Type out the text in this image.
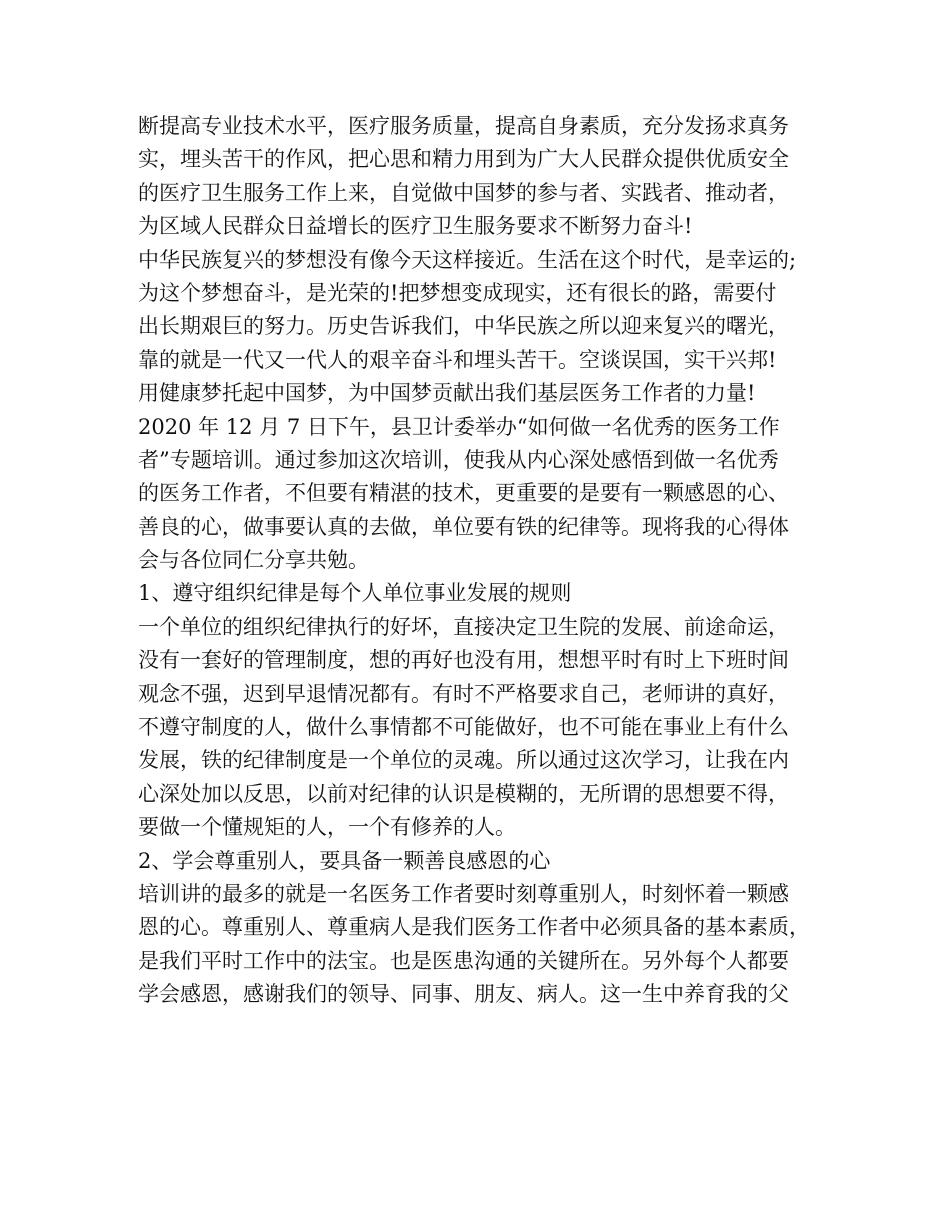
断提高专业技术水平，医疗服务质量，提高自身素质，充分发扬求真务
实，埋头苦干的作风，把心思和精力用到为广大人民群众提供优质安全
的医疗卫生服务工作上来，自觉做中国梦的参与者、实践者、推动者，
为区域人民群众日益增长的医疗卫生服务要求不断努力奋斗!
中华民族复兴的梦想没有像今天这样接近。生活在这个时代，是幸运的;
为这个梦想奋斗，是光荣的!把梦想变成现实，还有很长的路，需要付
出长期艰巨的努力。历史告诉我们，中华民族之所以迎来复兴的曙光，
靠的就是一代又一代人的艰辛奋斗和埋头苦干。空谈误国，实干兴邦!
用健康梦托起中国梦，为中国梦贡献出我们基层医务工作者的力量!
2020 年 12 月 7 日下午，县卫计委举办“如何做一名优秀的医务工作
者”专题培训。通过参加这次培训，使我从内心深处感悟到做一名优秀
的医务工作者，不但要有精湛的技术，更重要的是要有一颗感恩的心、
善良的心，做事要认真的去做，单位要有铁的纪律等。现将我的心得体
会与各位同仁分享共勉。
1、遵守组织纪律是每个人单位事业发展的规则
一个单位的组织纪律执行的好坏，直接决定卫生院的发展、前途命运，
没有一套好的管理制度，想的再好也没有用，想想平时有时上下班时间
观念不强，迟到早退情况都有。有时不严格要求自己，老师讲的真好，
不遵守制度的人，做什么事情都不可能做好，也不可能在事业上有什么
发展，铁的纪律制度是一个单位的灵魂。所以通过这次学习，让我在内
心深处加以反思，以前对纪律的认识是模糊的，无所谓的思想要不得，
要做一个懂规矩的人，一个有修养的人。
2、学会尊重别人，要具备一颗善良感恩的心
培训讲的最多的就是一名医务工作者要时刻尊重别人，时刻怀着一颗感
恩的心。尊重别人、尊重病人是我们医务工作者中必须具备的基本素质，
是我们平时工作中的法宝。也是医患沟通的关键所在。另外每个人都要
学会感恩，感谢我们的领导、同事、朋友、病人。这一生中养育我的父
